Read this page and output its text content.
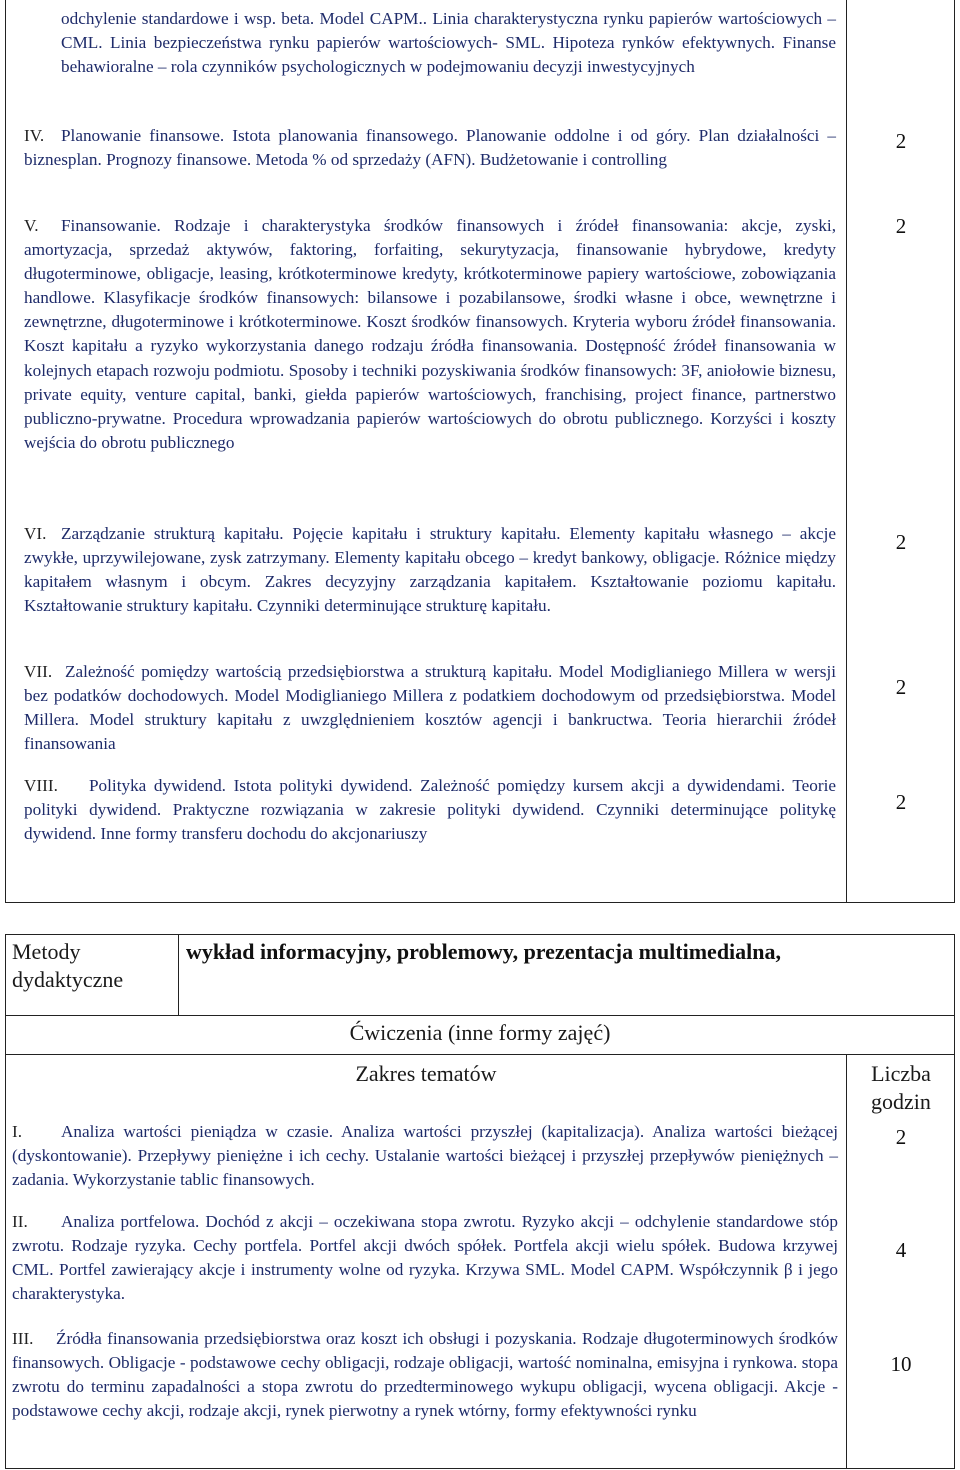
odchylenie standardowe i wsp. beta. Model CAPM.. Linia charakterystyczna rynku papierów wartościowych – CML. Linia bezpieczeństwa rynku papierów wartościowych- SML. Hipoteza rynków efektywnych. Finanse behawioralne – rola czynników psychologicznych w podejmowaniu decyzji inwestycyjnych
IV. Planowanie finansowe. Istota planowania finansowego. Planowanie oddolne i od góry. Plan działalności – biznesplan. Prognozy finansowe. Metoda % od sprzedaży (AFN). Budżetowanie i controlling
2
V. Finansowanie. Rodzaje i charakterystyka środków finansowych i źródeł finansowania: akcje, zyski, amortyzacja, sprzedaż aktywów, faktoring, forfaiting, sekurytyzacja, finansowanie hybrydowe, kredyty długoterminowe, obligacje, leasing, krótkoterminowe kredyty, krótkoterminowe papiery wartościowe, zobowiązania handlowe. Klasyfikacje środków finansowych: bilansowe i pozabilansowe, środki własne i obce, wewnętrzne i zewnętrzne, długoterminowe i krótkoterminowe. Koszt środków finansowych. Kryteria wyboru źródeł finansowania. Koszt kapitału a ryzyko wykorzystania danego rodzaju źródła finansowania. Dostępność źródeł finansowania w kolejnych etapach rozwoju podmiotu. Sposoby i techniki pozyskiwania środków finansowych: 3F, aniołowie biznesu, private equity, venture capital, banki, giełda papierów wartościowych, franchising, project finance, partnerstwo publiczno-prywatne. Procedura wprowadzania papierów wartościowych do obrotu publicznego. Korzyści i koszty wejścia do obrotu publicznego
2
VI. Zarządzanie strukturą kapitału. Pojęcie kapitału i struktury kapitału. Elementy kapitału własnego – akcje zwykłe, uprzywilejowane, zysk zatrzymany. Elementy kapitału obcego – kredyt bankowy, obligacje. Różnice między kapitałem własnym i obcym. Zakres decyzyjny zarządzania kapitałem. Kształtowanie poziomu kapitału. Kształtowanie struktury kapitału. Czynniki determinujące strukturę kapitału.
2
VII. Zależność pomiędzy wartością przedsiębiorstwa a strukturą kapitału. Model Modiglianiego Millera w wersji bez podatków dochodowych. Model Modiglianiego Millera z podatkiem dochodowym od przedsiębiorstwa. Model Millera. Model struktury kapitału z uwzględnieniem kosztów agencji i bankructwa. Teoria hierarchii źródeł finansowania
2
VIII. Polityka dywidend. Istota polityki dywidend. Zależność pomiędzy kursem akcji a dywidendami. Teorie polityki dywidend. Praktyczne rozwiązania w zakresie polityki dywidend. Czynniki determinujące politykę dywidend. Inne formy transferu dochodu do akcjonariuszy
2
Metody dydaktyczne
wykład informacyjny, problemowy, prezentacja multimedialna,
Ćwiczenia (inne formy zajęć)
Zakres tematów	Liczba godzin
I. Analiza wartości pieniądza w czasie. Analiza wartości przyszłej (kapitalizacja). Analiza wartości bieżącej (dyskontowanie). Przepływy pieniężne i ich cechy. Ustalanie wartości bieżącej i przyszłej przepływów pieniężnych – zadania. Wykorzystanie tablic finansowych.
2
II. Analiza portfelowa. Dochód z akcji – oczekiwana stopa zwrotu. Ryzyko akcji – odchylenie standardowe stóp zwrotu. Rodzaje ryzyka. Cechy portfela. Portfel akcji dwóch spółek. Portfela akcji wielu spółek. Budowa krzywej CML. Portfel zawierający akcje i instrumenty wolne od ryzyka. Krzywa SML. Model CAPM. Współczynnik β i jego charakterystyka.
4
III. Źródła finansowania przedsiębiorstwa oraz koszt ich obsługi i pozyskania. Rodzaje długoterminowych środków finansowych. Obligacje - podstawowe cechy obligacji, rodzaje obligacji, wartość nominalna, emisyjna i rynkowa. stopa zwrotu do terminu zapadalności a stopa zwrotu do przedterminowego wykupu obligacji, wycena obligacji. Akcje - podstawowe cechy akcji, rodzaje akcji, rynek pierwotny a rynek wtórny, formy efektywności rynku
10
